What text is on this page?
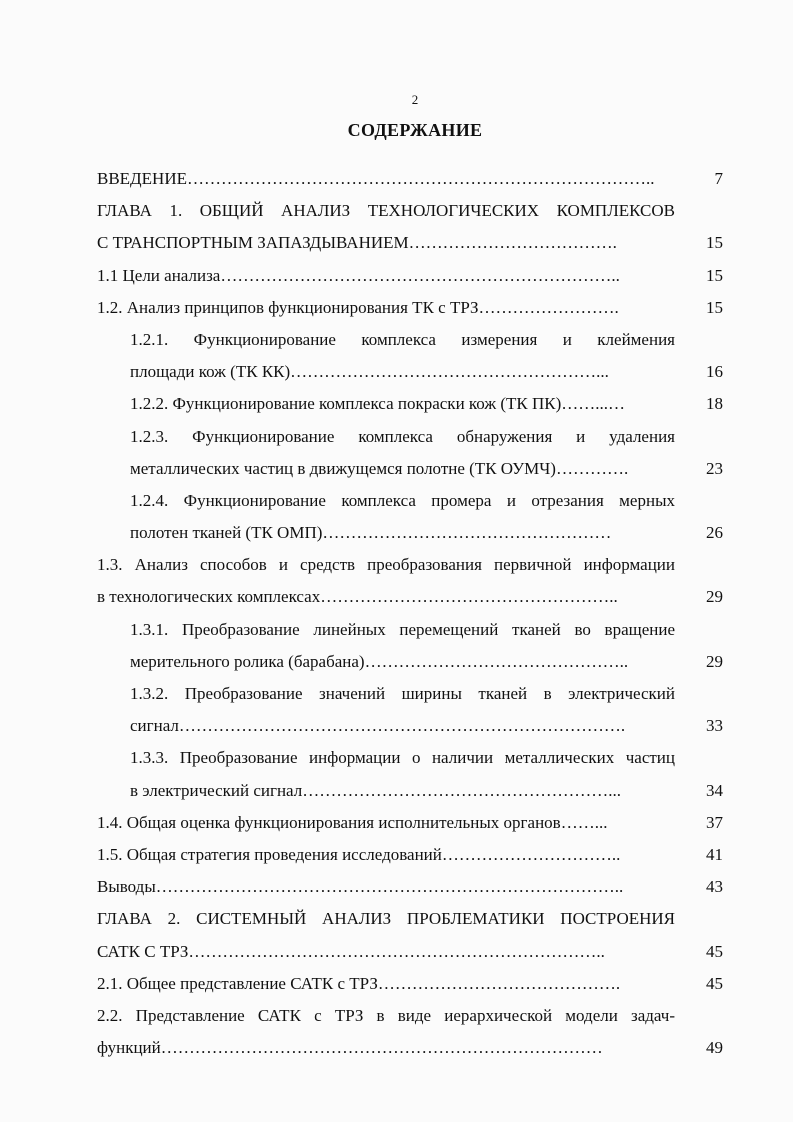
2
СОДЕРЖАНИЕ
ВВЕДЕНИЕ………………………………………………………………………..	7
ГЛАВА 1. ОБЩИЙ АНАЛИЗ ТЕХНОЛОГИЧЕСКИХ КОМПЛЕКСОВ
С ТРАНСПОРТНЫМ ЗАПАЗДЫВАНИЕМ……………………………….	15
1.1 Цели анализа……………………………………………………………..	15
1.2. Анализ принципов функционирования ТК с ТРЗ…………………….	15
1.2.1. Функционирование комплекса измерения и клеймения
площади кож (ТК КК)………………………………………………...	16
1.2.2. Функционирование комплекса покраски кож (ТК ПК)……...…	18
1.2.3. Функционирование комплекса обнаружения и удаления
металлических частиц в движущемся полотне (ТК ОУМЧ)………….	23
1.2.4. Функционирование комплекса промера и отрезания мерных
полотен тканей (ТК ОМП)……………………………………………	26
1.3. Анализ способов и средств преобразования первичной информации
в технологических комплексах……………………………………………..	29
1.3.1. Преобразование линейных перемещений тканей во вращение
мерительного ролика (барабана)………………………………………..	29
1.3.2. Преобразование значений ширины тканей в электрический
сигнал…………………………………………………………………….	33
1.3.3. Преобразование информации о наличии металлических частиц
в электрический сигнал………………………………………………...	34
1.4. Общая оценка функционирования исполнительных органов……...	37
1.5. Общая стратегия проведения исследований…………………………..	41
Выводы………………………………………………………………………..	43
ГЛАВА 2. СИСТЕМНЫЙ АНАЛИЗ ПРОБЛЕМАТИКИ ПОСТРОЕНИЯ
САТК С ТРЗ………………………………………………………………..	45
2.1. Общее представление САТК с ТРЗ…………………………………….	45
2.2. Представление САТК с ТРЗ в виде иерархической модели задач-
функций……………………………………………………………………	49
